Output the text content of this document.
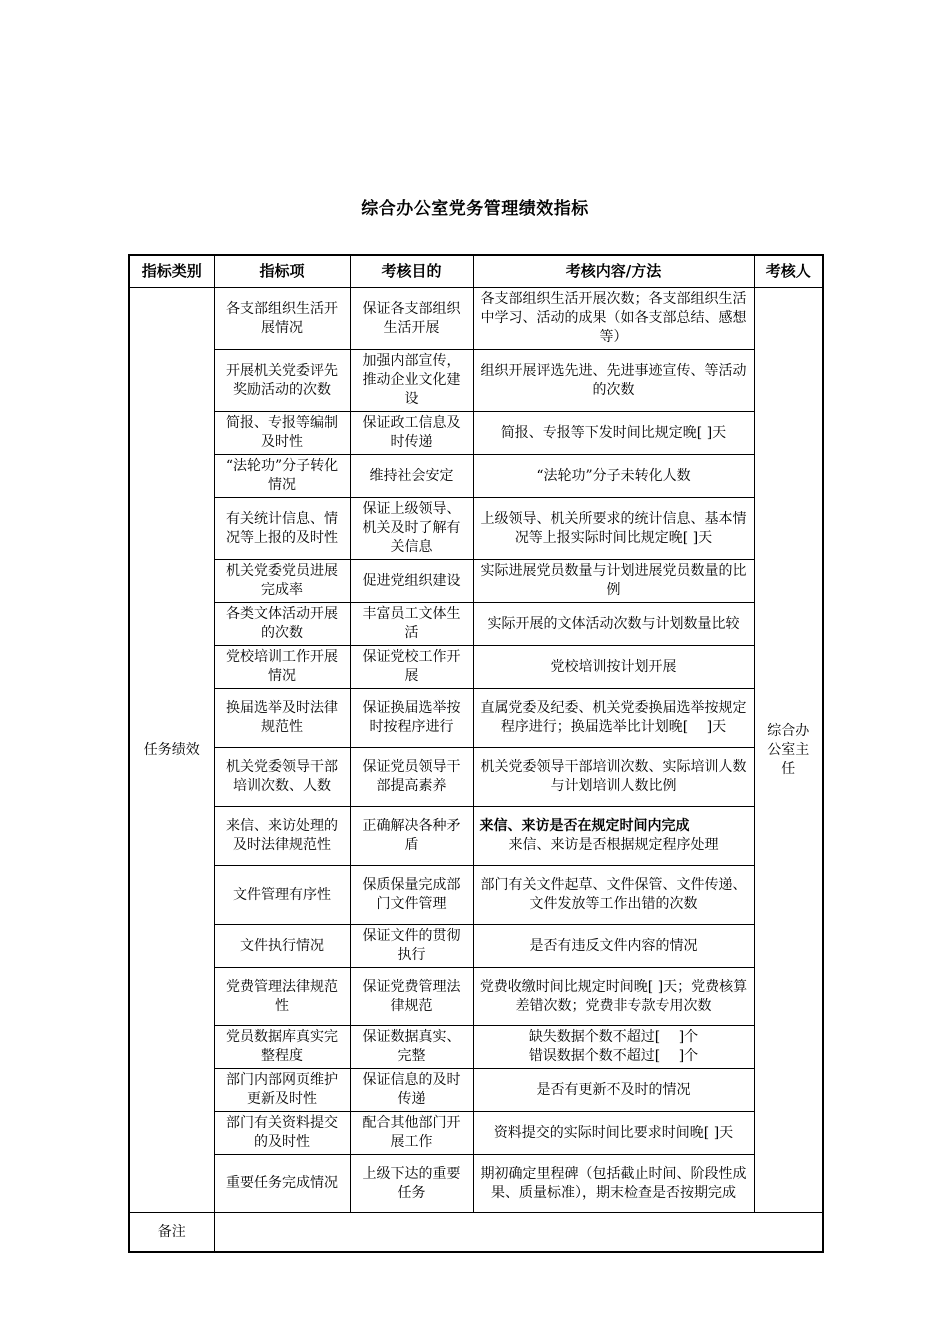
综合办公室党务管理绩效指标
指标类别	指标项	考核目的	考核内容/方法	考核人
任务绩效	各支部组织生活开展情况	保证各支部组织生活开展	各支部组织生活开展次数；各支部组织生活中学习、活动的成果（如各支部总结、感想等）	综合办公室主任
	开展机关党委评先奖励活动的次数	加强内部宣传，推动企业文化建设	组织开展评选先进、先进事迹宣传、等活动的次数	
	简报、专报等编制及时性	保证政工信息及时传递	简报、专报等下发时间比规定晚[ ]天	
	“法轮功”分子转化情况	维持社会安定	“法轮功”分子未转化人数	
	有关统计信息、情况等上报的及时性	保证上级领导、机关及时了解有关信息	上级领导、机关所要求的统计信息、基本情况等上报实际时间比规定晚[ ]天	
	机关党委党员进展完成率	促进党组织建设	实际进展党员数量与计划进展党员数量的比例	
	各类文体活动开展的次数	丰富员工文体生活	实际开展的文体活动次数与计划数量比较	
	党校培训工作开展情况	保证党校工作开展	党校培训按计划开展	
	换届选举及时法律规范性	保证换届选举按时按程序进行	直属党委及纪委、机关党委换届选举按规定程序进行；换届选举比计划晚[　 ]天	
	机关党委领导干部培训次数、人数	保证党员领导干部提高素养	机关党委领导干部培训次数、实际培训人数与计划培训人数比例	
	来信、来访处理的及时法律规范性	正确解决各种矛盾	来信、来访是否在规定时间内完成
来信、来访是否根据规定程序处理	

	文件管理有序性	保质保量完成部门文件管理	部门有关文件起草、文件保管、文件传递、文件发放等工作出错的次数	
	文件执行情况	保证文件的贯彻执行	是否有违反文件内容的情况	
	党费管理法律规范性	保证党费管理法律规范	党费收缴时间比规定时间晚[ ]天；党费核算差错次数；党费非专款专用次数	
	党员数据库真实完整程度	保证数据真实、完整	缺失数据个数不超过[　 ]个
错误数据个数不超过[　 ]个	

	部门内部网页维护更新及时性	保证信息的及时传递	是否有更新不及时的情况	
	部门有关资料提交的及时性	配合其他部门开展工作	资料提交的实际时间比要求时间晚[ ]天	
	重要任务完成情况	上级下达的重要任务	期初确定里程碑（包括截止时间、阶段性成果、质量标准），期末检查是否按期完成	
备注				
